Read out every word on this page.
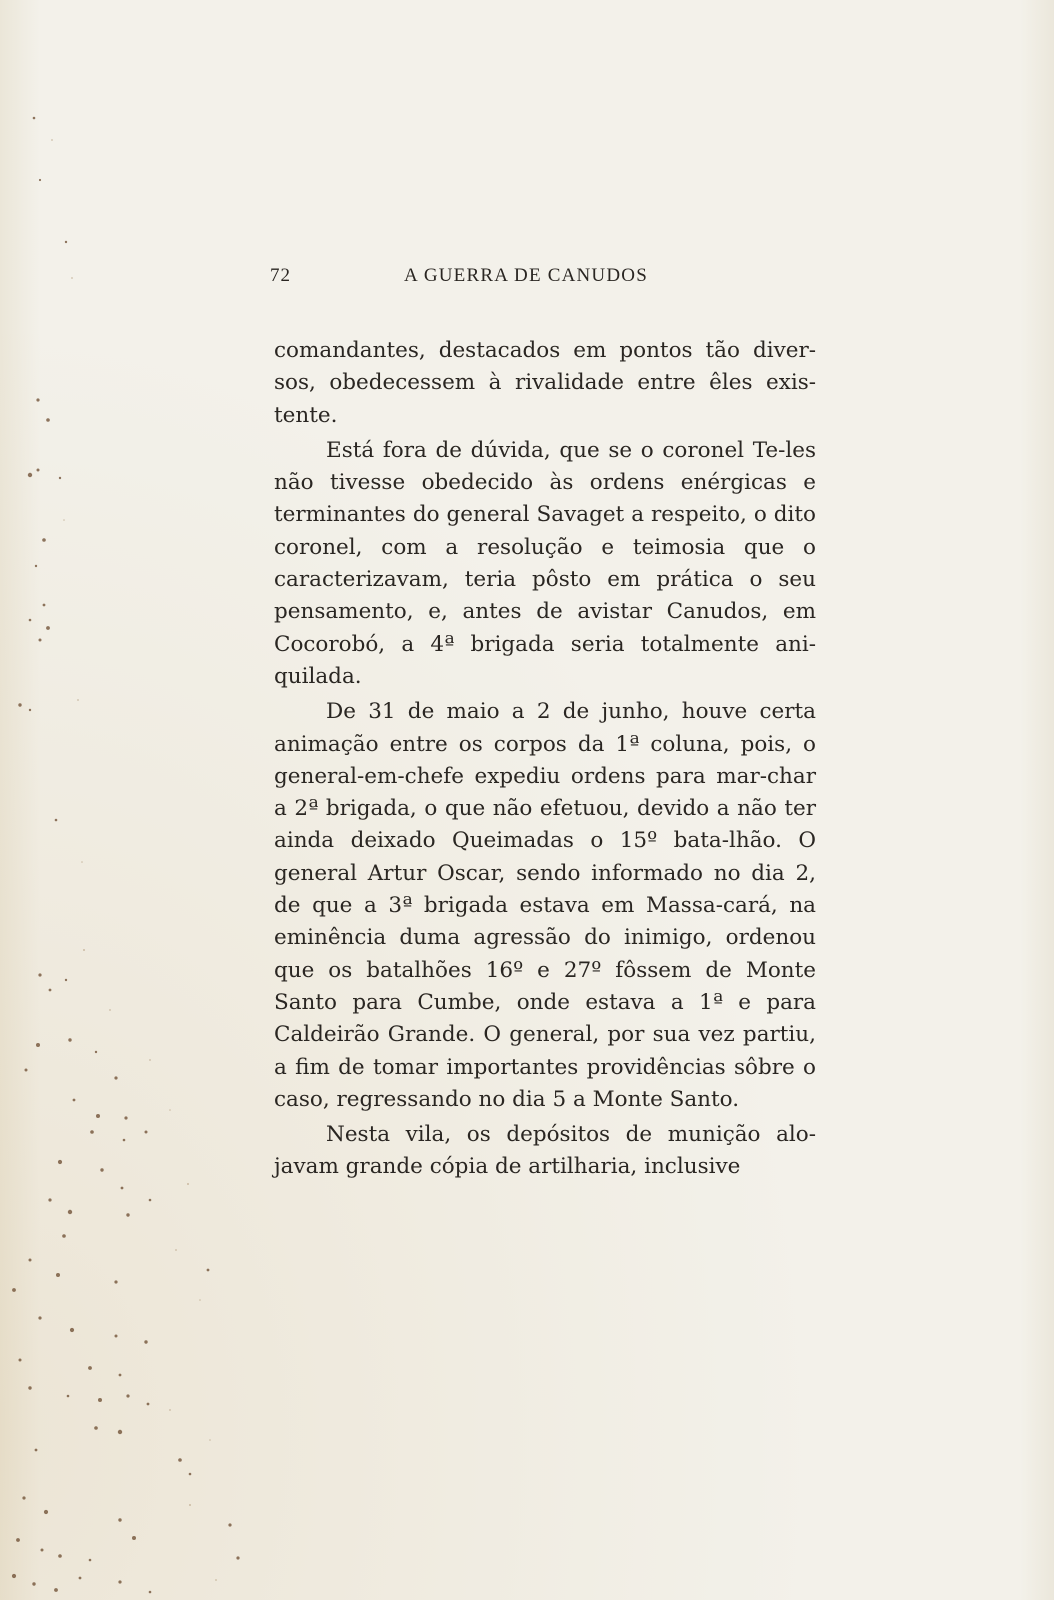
72	A GUERRA DE CANUDOS

comandantes, destacados em pontos tão diver-sos, obedecessem à rivalidade entre êles exis-tente.

Está fora de dúvida, que se o coronel Te-les não tivesse obedecido às ordens enérgicas e terminantes do general Savaget a respeito, o dito coronel, com a resolução e teimosia que o caracterizavam, teria pôsto em prática o seu pensamento, e, antes de avistar Canudos, em Cocorobó, a 4ª brigada seria totalmente ani-quilada.

De 31 de maio a 2 de junho, houve certa animação entre os corpos da 1ª coluna, pois, o general-em-chefe expediu ordens para mar-char a 2ª brigada, o que não efetuou, devido a não ter ainda deixado Queimadas o 15º bata-lhão. O general Artur Oscar, sendo informado no dia 2, de que a 3ª brigada estava em Massa-cará, na eminência duma agressão do inimigo, ordenou que os batalhões 16º e 27º fôssem de Monte Santo para Cumbe, onde estava a 1ª e para Caldeirão Grande. O general, por sua vez partiu, a fim de tomar importantes providências sôbre o caso, regressando no dia 5 a Monte Santo.

Nesta vila, os depósitos de munição alo-javam grande cópia de artilharia, inclusive
